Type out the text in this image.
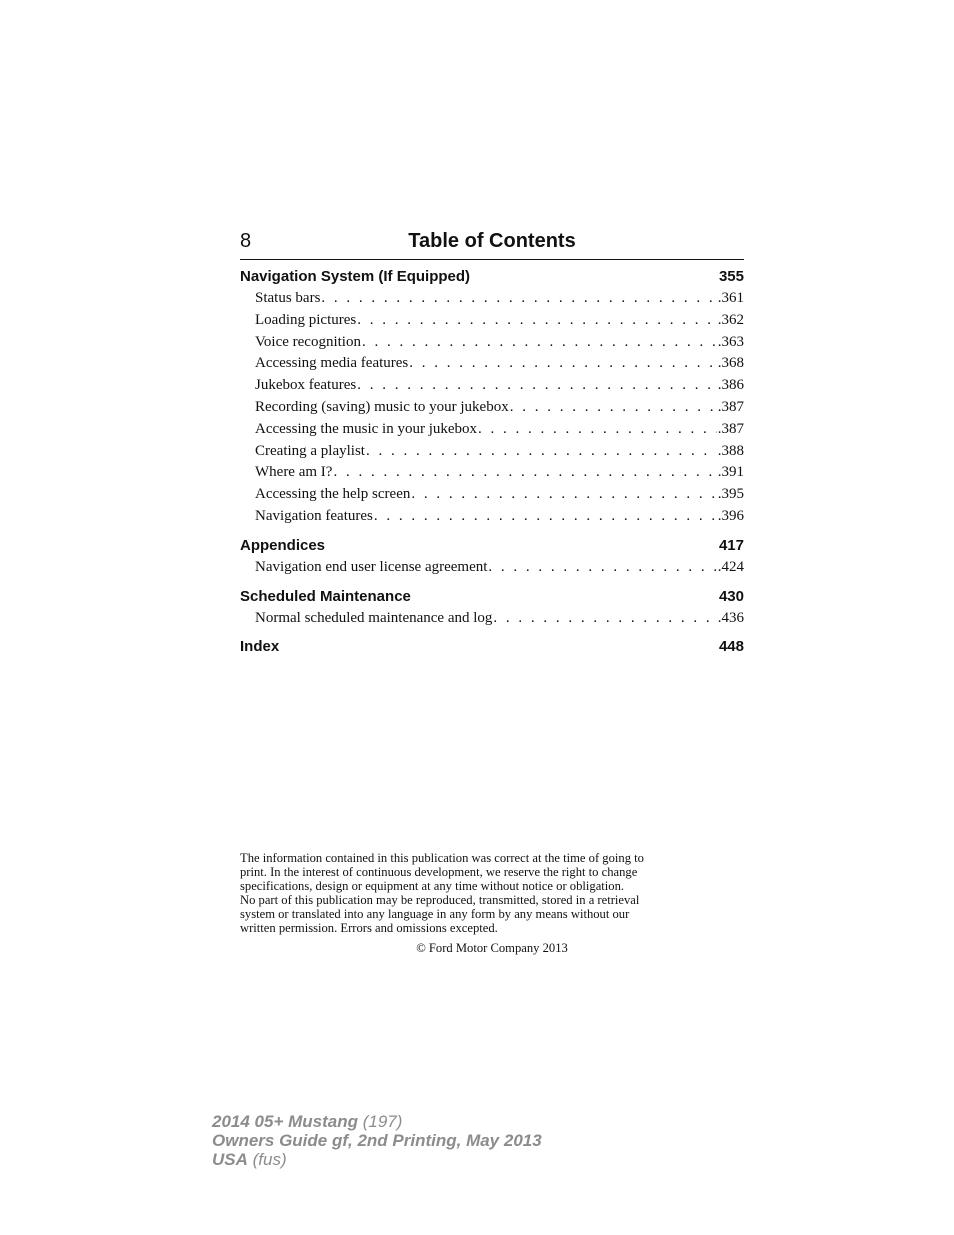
8	Table of Contents
Navigation System (If Equipped)	355
Status bars . . .	.361
Loading pictures . . .	.362
Voice recognition . . .	.363
Accessing media features . . .	.368
Jukebox features . . .	.386
Recording (saving) music to your jukebox . . .	.387
Accessing the music in your jukebox . . .	.387
Creating a playlist . . .	.388
Where am I? . . .	.391
Accessing the help screen . . .	.395
Navigation features . . .	.396
Appendices	417
Navigation end user license agreement . . .	.424
Scheduled Maintenance	430
Normal scheduled maintenance and log . . .	.436
Index	448

The information contained in this publication was correct at the time of going to

print. In the interest of continuous development, we reserve the right to change

specifications, design or equipment at any time without notice or obligation.

No part of this publication may be reproduced, transmitted, stored in a retrieval

system or translated into any language in any form by any means without our

written permission. Errors and omissions excepted.

© Ford Motor Company 2013
2014 05+ Mustang (197)
Owners Guide gf, 2nd Printing, May 2013
USA (fus)
